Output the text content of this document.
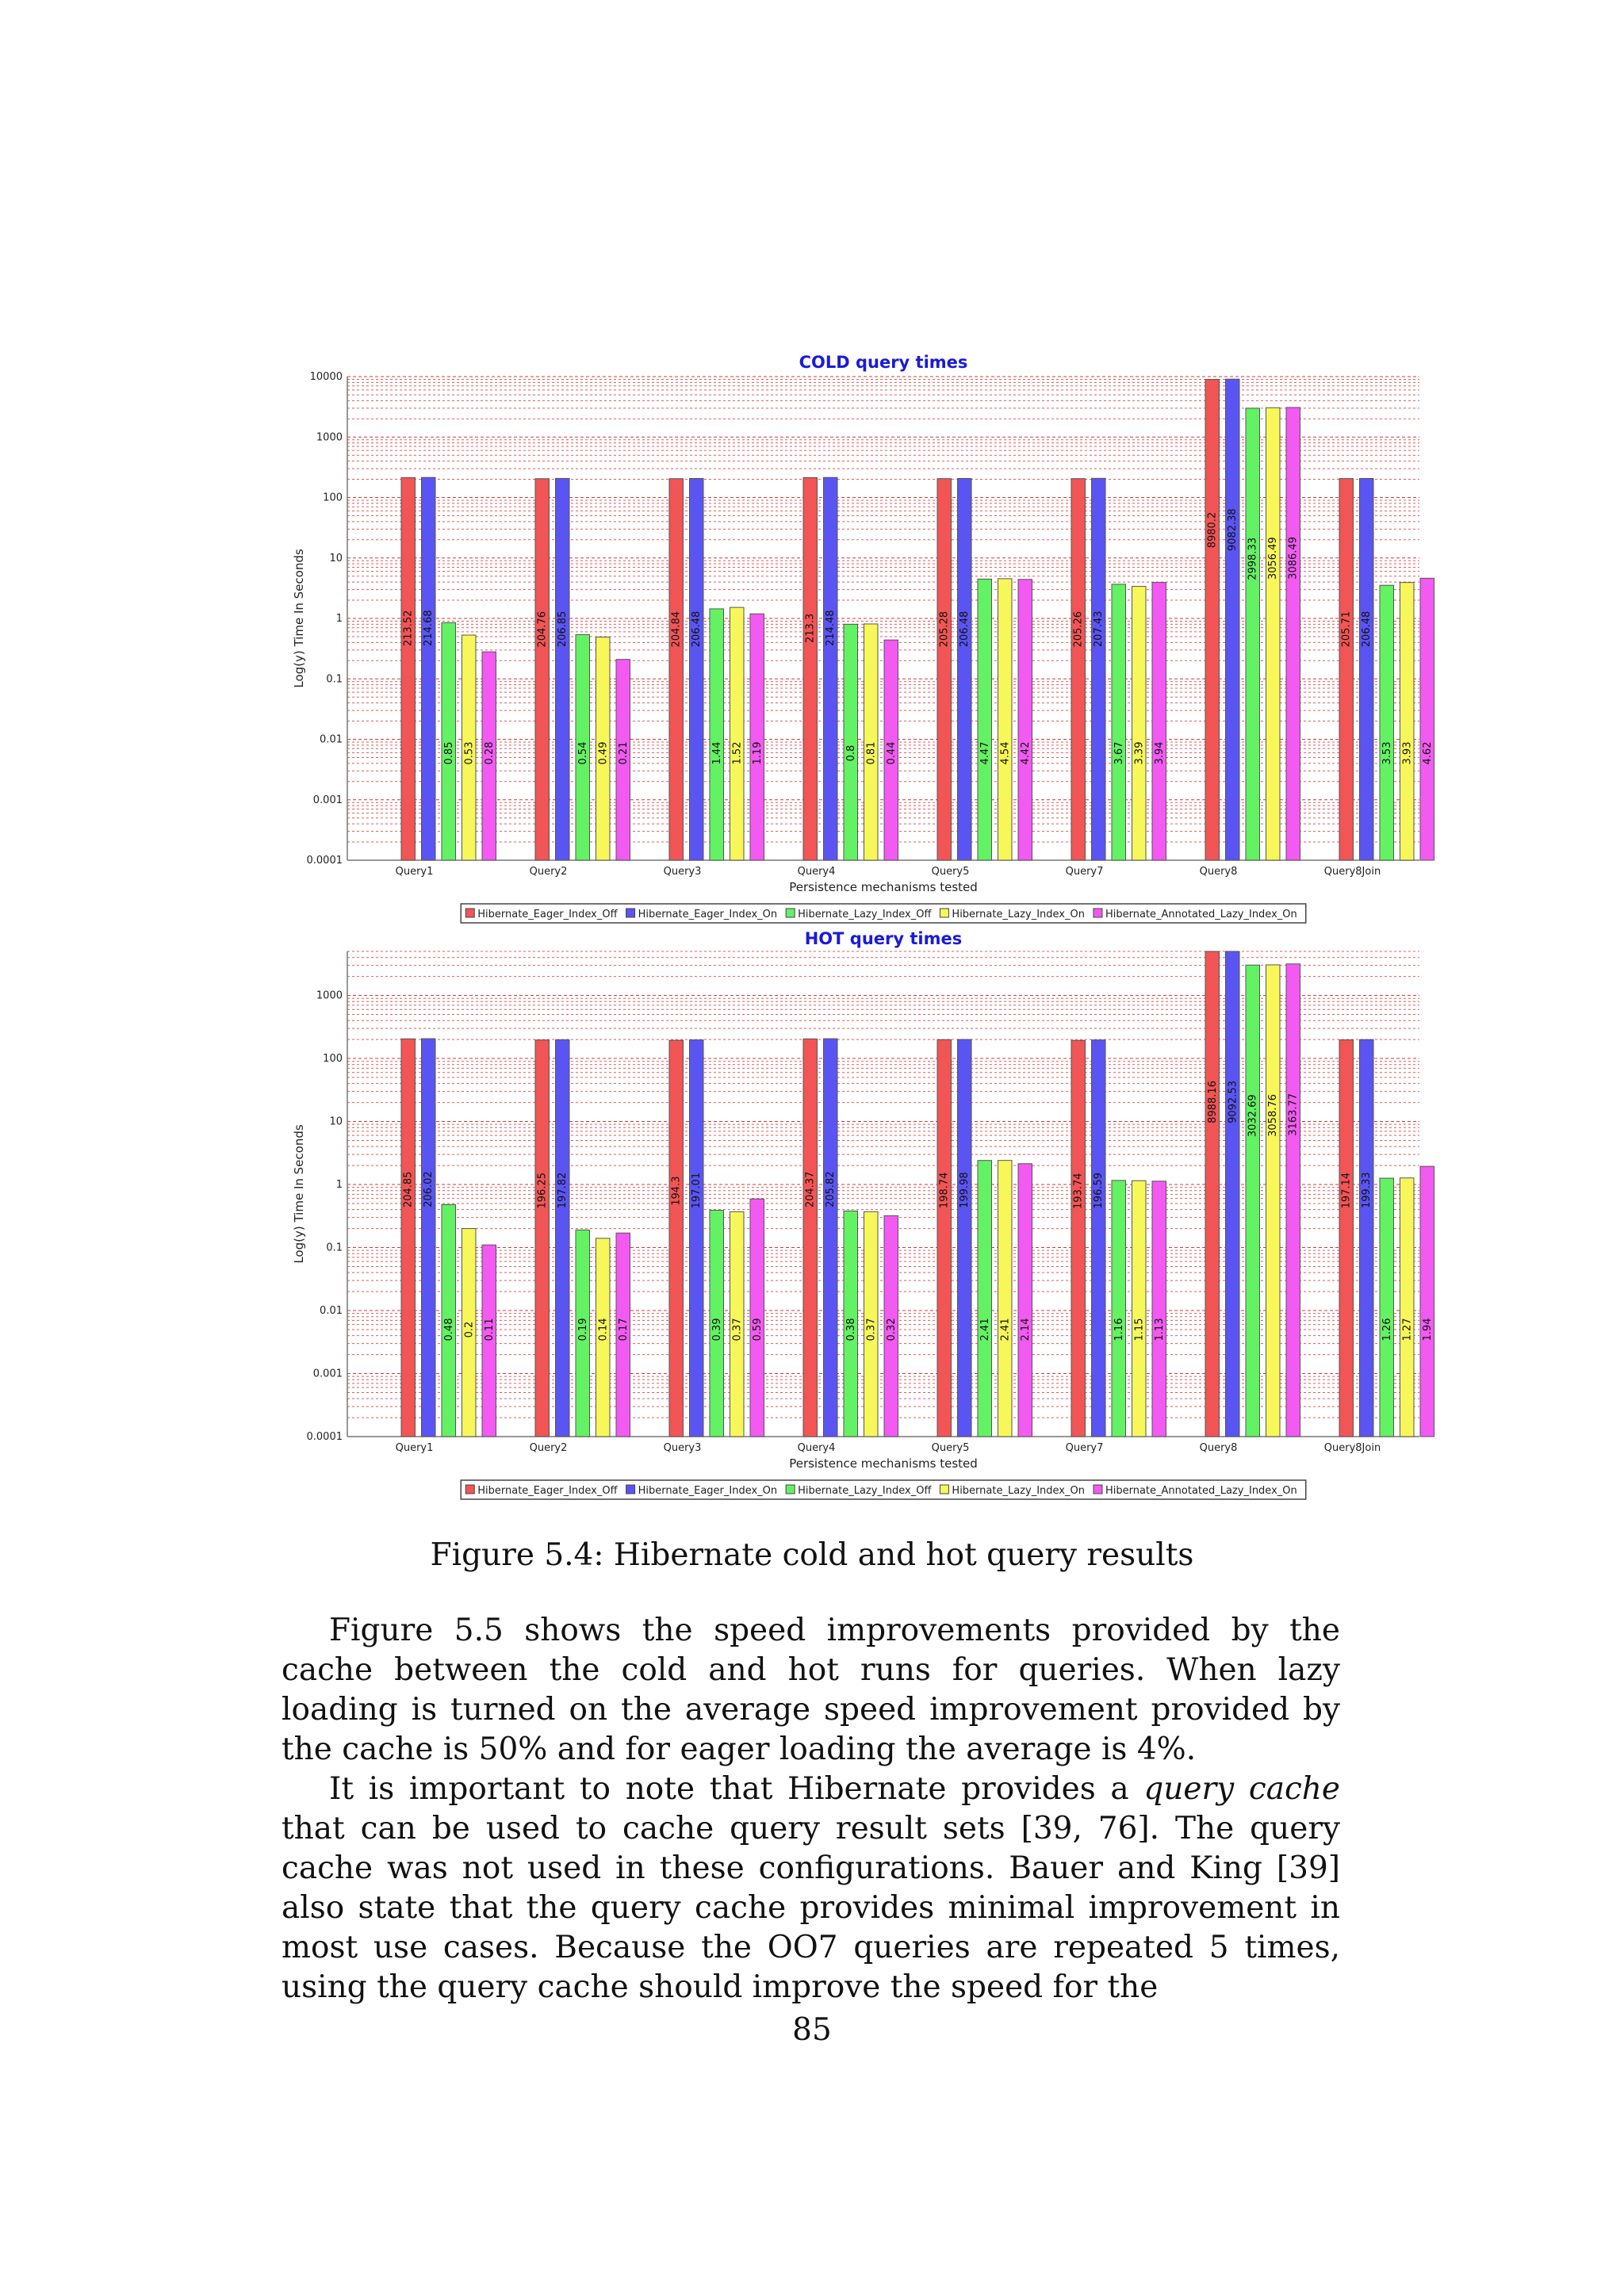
COLD query times
10000
1000
100
10
1
0.1
0.01
0.001
0.0001
Log(y) Time In Seconds	213.52 214.68
0.85 0.53 0.28
204.76 206.85
0.54 0.49 0.21
204.84 206.48
1.44 1.52 1.19
213.3 214.48
0.8 0.81 0.44
205.28 206.48
4.47 4.54 4.42
205.26 207.43
3.67 3.39 3.94
8980.2 9082.38
2998.33 3056.49 3086.49
205.71 206.48
3.53 3.93 4.62
Query1	Query2	Query3	Query4	Query5	Query7	Query8	Query8Join
Persistence mechanisms tested
Hibernate_Eager_Index_Off Hibernate_Eager_Index_On Hibernate_Lazy_Index_Off Hibernate_Lazy_Index_On Hibernate_Annotated_Lazy_Index_On
HOT query times
1000
100
10
1
0.1
0.01
0.001
0.0001
Log(y) Time In Seconds	204.85 206.02
0.48 0.2 0.11
196.25 197.82
0.19 0.14 0.17
194.3 197.01
0.39 0.37 0.59
204.37 205.82
0.38 0.37 0.32
198.74 199.98
2.41 2.41 2.14
193.74 196.59
1.16 1.15 1.13
8988.16 9092.53 3032.69 3058.76 3163.77
197.14 199.33
1.26 1.27 1.94
Query1	Query2	Query3	Query4	Query5	Query7	Query8	Query8Join
Persistence mechanisms tested
Hibernate_Eager_Index_Off Hibernate_Eager_Index_On Hibernate_Lazy_Index_Off Hibernate_Lazy_Index_On Hibernate_Annotated_Lazy_Index_On
Figure 5.4: Hibernate cold and hot query results

Figure 5.5 shows the speed improvements provided by the cache between the cold and hot runs for queries. When lazy loading is turned on the average speed improvement provided by the cache is 50% and for eager loading the average is 4%.

It is important to note that Hibernate provides a query cache that can be used to cache query result sets [39, 76]. The query cache was not used in these configurations. Bauer and King [39] also state that the query cache provides minimal improvement in most use cases. Because the OO7 queries are repeated 5 times, using the query cache should improve the speed for the

85
